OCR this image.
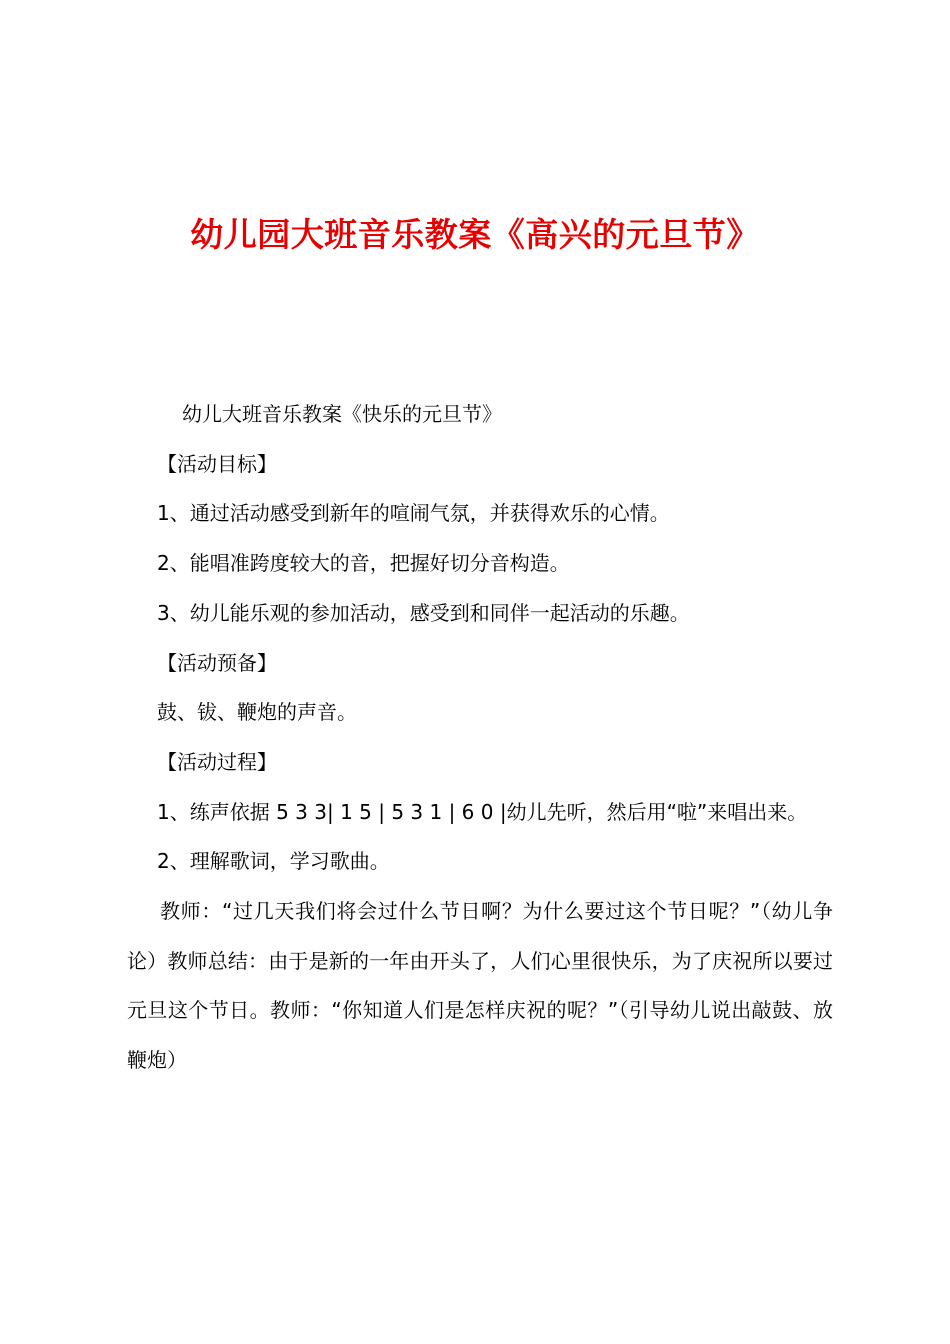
幼儿园大班音乐教案《高兴的元旦节》

幼儿大班音乐教案《快乐的元旦节》

【活动目标】

1、通过活动感受到新年的喧闹气氛，并获得欢乐的心情。

2、能唱准跨度较大的音，把握好切分音构造。

3、幼儿能乐观的参加活动，感受到和同伴一起活动的乐趣。

【活动预备】

鼓、钹、鞭炮的声音。

【活动过程】

1、练声依据 5 3 3| 1 5 | 5 3 1 | 6 0 |幼儿先听，然后用“啦”来唱出来。

2、理解歌词，学习歌曲。

教师：“过几天我们将会过什么节日啊？为什么要过这个节日呢？”（幼儿争论）教师总结：由于是新的一年由开头了，人们心里很快乐，为了庆祝所以要过元旦这个节日。教师：“你知道人们是怎样庆祝的呢？”（引导幼儿说出敲鼓、放鞭炮）
